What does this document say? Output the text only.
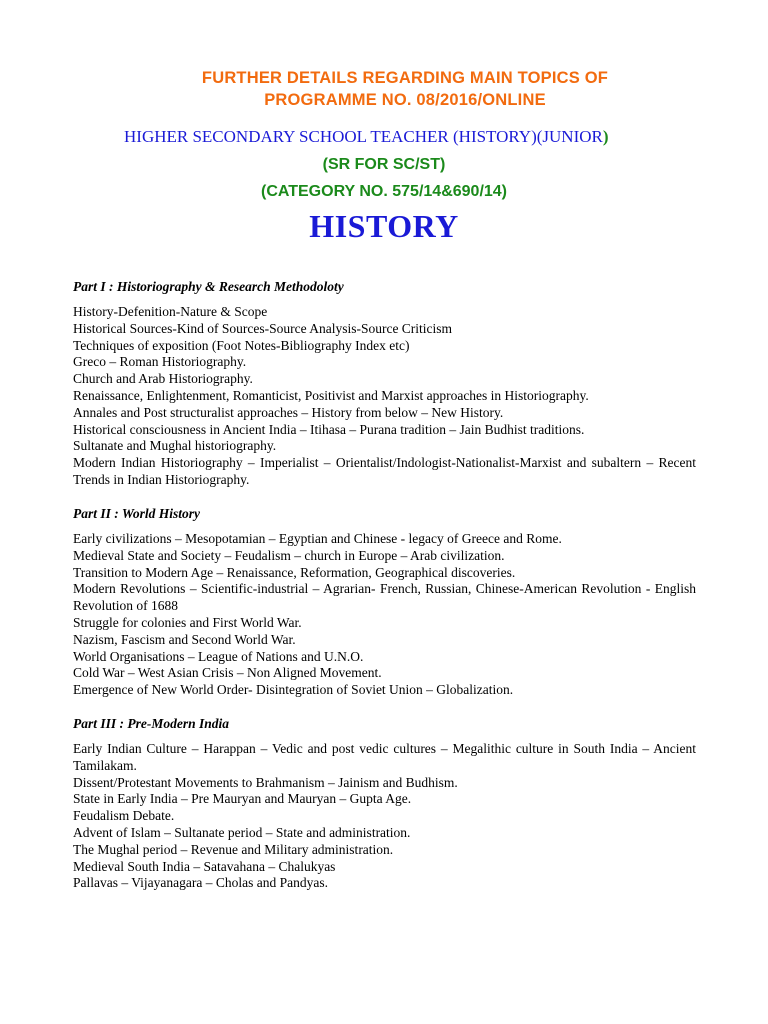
FURTHER DETAILS REGARDING MAIN TOPICS OF
PROGRAMME NO. 08/2016/ONLINE
HIGHER SECONDARY SCHOOL TEACHER (HISTORY)(JUNIOR)
(SR FOR SC/ST)
(CATEGORY NO. 575/14&690/14)
HISTORY
Part I : Historiography & Research Methodoloty
History-Defenition-Nature & Scope
Historical Sources-Kind of Sources-Source Analysis-Source Criticism
Techniques of exposition (Foot Notes-Bibliography Index etc)
Greco – Roman Historiography.
Church and Arab Historiography.
Renaissance, Enlightenment, Romanticist, Positivist and Marxist approaches in Historiography.
Annales and Post structuralist approaches – History from below – New History.
Historical consciousness in Ancient India – Itihasa – Purana tradition – Jain Budhist traditions.
Sultanate and Mughal historiography.
Modern Indian Historiography – Imperialist – Orientalist/Indologist-Nationalist-Marxist and subaltern – Recent Trends in Indian Historiography.
Part II : World History
Early civilizations – Mesopotamian – Egyptian and Chinese - legacy of Greece and Rome.
Medieval State and Society – Feudalism – church in Europe – Arab civilization.
Transition to Modern Age – Renaissance, Reformation, Geographical discoveries.
Modern Revolutions – Scientific-industrial – Agrarian- French, Russian, Chinese-American Revolution - English Revolution of 1688
Struggle for colonies and First World War.
Nazism, Fascism and Second World War.
World Organisations – League of Nations and U.N.O.
Cold War – West Asian Crisis – Non Aligned Movement.
Emergence of New World Order- Disintegration of Soviet Union – Globalization.
Part III : Pre-Modern India
Early Indian Culture – Harappan – Vedic and post vedic cultures – Megalithic culture in South India – Ancient Tamilakam.
Dissent/Protestant Movements to Brahmanism – Jainism and Budhism.
State in Early India – Pre Mauryan and Mauryan – Gupta Age.
Feudalism Debate.
Advent of Islam – Sultanate period – State and administration.
The Mughal period – Revenue and Military administration.
Medieval South India – Satavahana – Chalukyas
Pallavas – Vijayanagara – Cholas and Pandyas.
